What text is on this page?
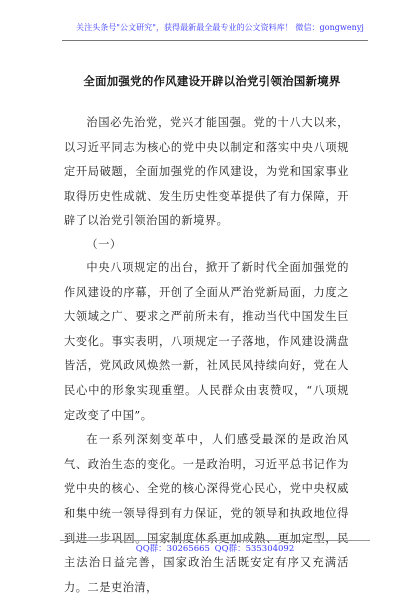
关注头条号"公文研究"，获得最新最全最专业的公文资料库！ 微信：gongwenyj
全面加强党的作风建设开辟以治党引领治国新境界

治国必先治党，党兴才能国强。党的十八大以来，以习近平同志为核心的党中央以制定和落实中央八项规定开局破题，全面加强党的作风建设，为党和国家事业取得历史性成就、发生历史性变革提供了有力保障，开辟了以治党引领治国的新境界。

（一）

中央八项规定的出台，掀开了新时代全面加强党的作风建设的序幕，开创了全面从严治党新局面，力度之大领域之广、要求之严前所未有，推动当代中国发生巨大变化。事实表明，八项规定一子落地，作风建设满盘皆活，党风政风焕然一新，社风民风持续向好，党在人民心中的形象实现重塑。人民群众由衷赞叹，“八项规定改变了中国”。

在一系列深刻变革中，人们感受最深的是政治风气、政治生态的变化。一是政治明，习近平总书记作为党中央的核心、全党的核心深得党心民心，党中央权威和集中统一领导得到有力保证，党的领导和执政地位得到进一步巩固。国家制度体系更加成熟、更加定型，民主法治日益完善，国家政治生活既安定有序又充满活力。二是吏治清，

QQ群：30265665 QQ群：535304092
